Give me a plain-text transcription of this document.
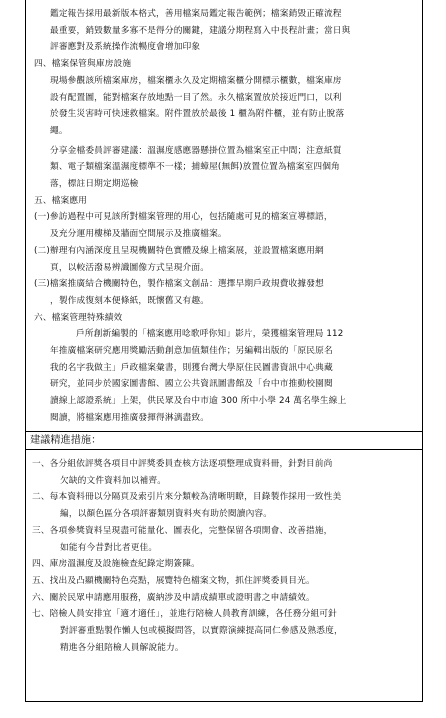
鑑定報告採用最新版本格式，善用檔案局鑑定報告範例；檔案銷毀正確流程

最重要，銷毀數量多寡不是得分的關鍵，建議分期程寫入中長程計畫；當日與

評審應對及系統操作流暢度會增加印象

四、檔案保管與庫房設施

現場參觀該所檔案庫房，檔案櫃永久及定期檔案櫃分開標示櫃數，檔案庫房

設有配置圖，能對檔案存放地點一目了然。永久檔案置放於接近門口，以利

於發生災害時可快速救檔案。附件置放於最後 1 櫃為附件櫃，並有防止脫落

繩。

分享金檔委員評審建議：溫濕度感應器懸掛位置為檔案室正中間；注意紙質

類、電子類檔案溫濕度標準不一樣；捕蟑屋(無餌)放置位置為檔案室四個角

落，標註日期定期巡檢

五、檔案應用

(一)參訪過程中可見該所對檔案管理的用心，包括隨處可見的檔案宣導標語，

及充分運用樓梯及牆面空間展示及推廣檔案。

(二)辦理有內涵深度且呈現機關特色實體及線上檔案展，並設置檔案應用網

頁，以較活潑易辨識圖像方式呈現介面。

(三)檔案推廣結合機關特色，製作檔案文創品：選擇早期戶政規費收據發想

，製作成復刻本便條紙，既懷舊又有趣。

六、檔案管理特殊績效

戶所創新編製的「檔案應用唸歌呼你知」影片，榮獲檔案管理局 112

年推廣檔案研究應用獎勵活動創意加值類佳作；另編輯出版的「原民原名

我的名字我做主」戶政檔案彙書，則獲台灣大學原住民圖書資訊中心典藏

研究，並同步於國家圖書館、國立公共資訊圖書館及「台中市推動校園閱

讀線上認證系統」上架，供民眾及台中市逾 300 所中小學 24 萬名學生線上

閱讀，將檔案應用推廣發揮得淋漓盡致。

建議精進措施：

一、各分組依評獎各項目中評獎委員查核方法逐項整理成資料冊，針對目前尚

欠缺的文件資料加以補齊。

二、每本資料冊以分隔頁及索引片來分類較為清晰明瞭，目錄製作採用一致性美

編，以顏色區分各項評審類別資料夾有助於閱讀內容。

三、各項參獎資料呈現盡可能量化、圖表化，完整保留各項開會、改善措施，

如能有今昔對比者更佳。

四、庫房溫濕度及設施檢查紀錄定期簽陳。

五、找出及凸顯機關特色亮點，展覽特色檔案文物，抓住評獎委員目光。

六、關於民眾申請應用服務，廣納涉及申請成績單或證明書之申請績效。

七、陪檢人員安排宜「適才適任」，並進行陪檢人員教育訓練，各任務分組可針

對評審重點製作懶人包或模擬問答，以實際演練提高同仁參感及熟悉度，

精進各分組陪檢人員解說能力。
